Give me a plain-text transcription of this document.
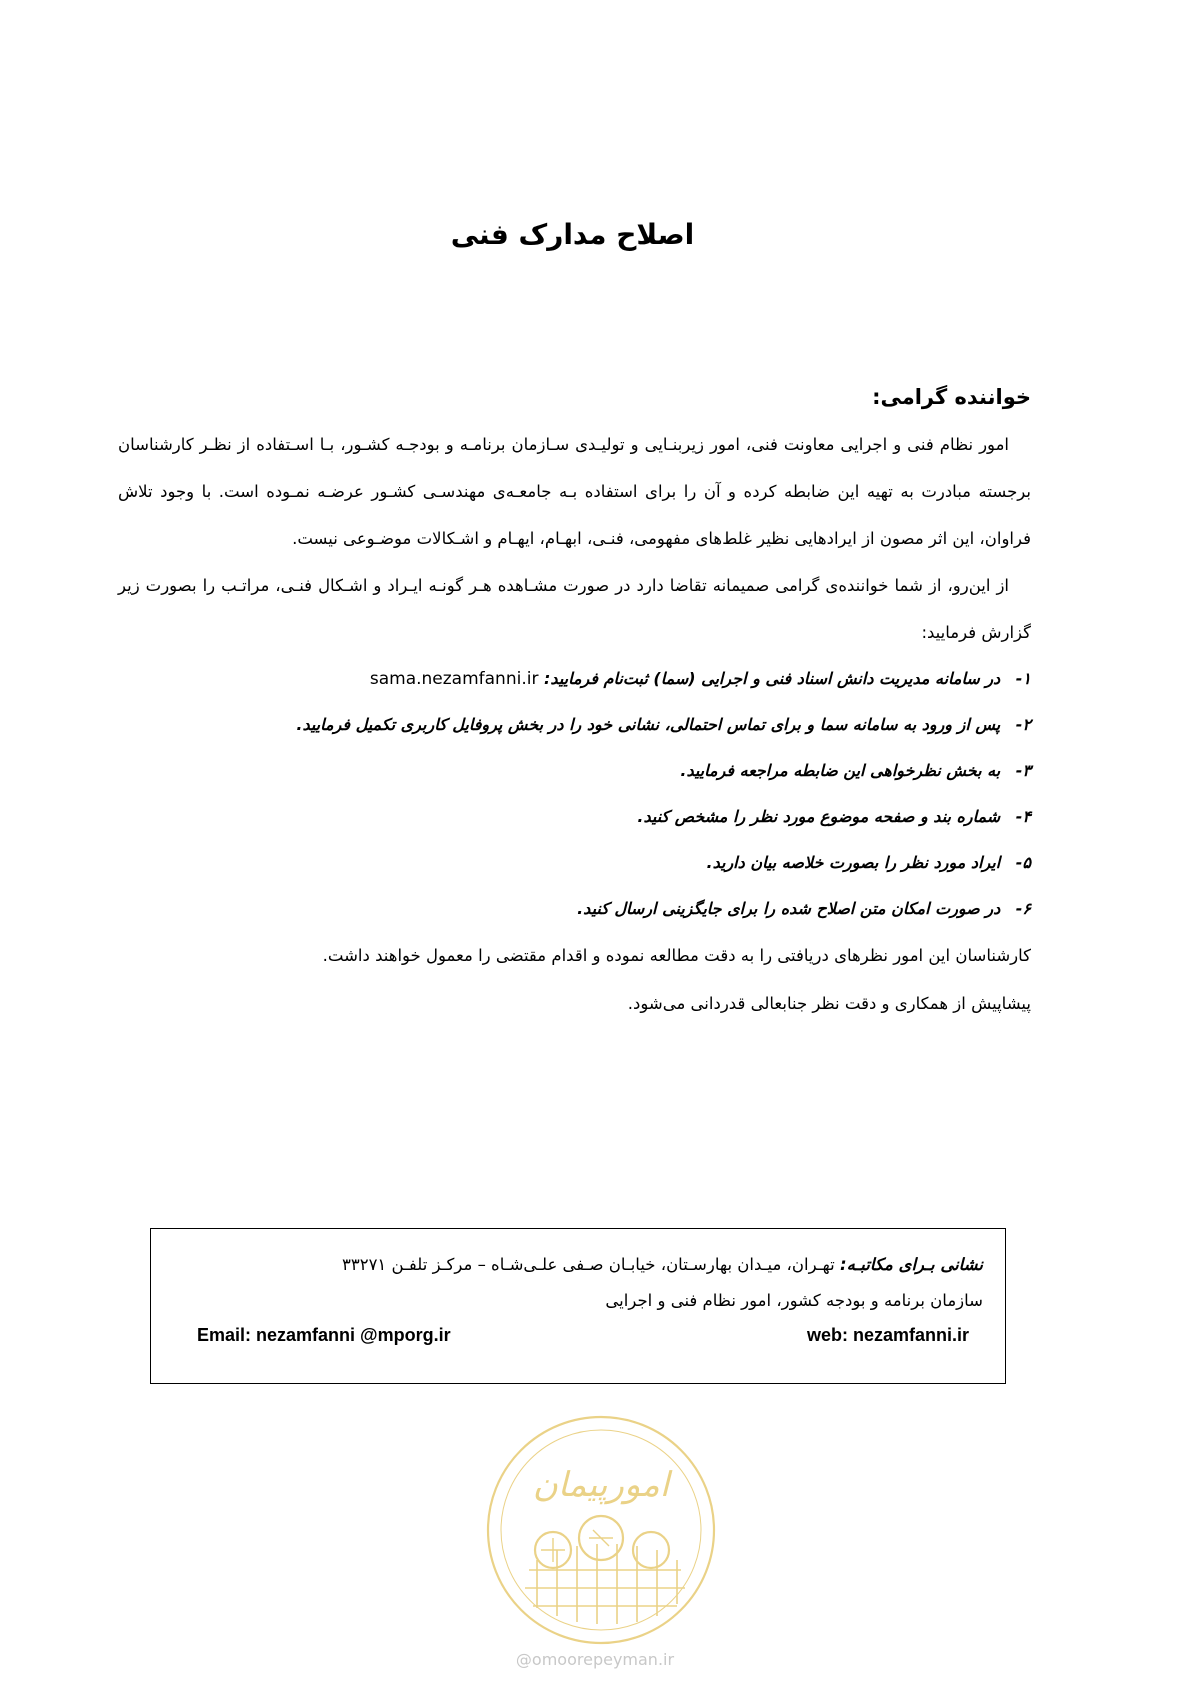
اصلاح مدارک فنی

خواننده گرامی:

امور نظام فنی و اجرایی معاونت فنی، امور زیربنـایی و تولیـدی سـازمان برنامـه و بودجـه کشـور، بـا اسـتفاده از نظـر کارشناسان برجسته مبادرت به تهیه این ضابطه کرده و آن را برای استفاده بـه جامعـه‌ی مهندسـی کشـور عرضـه نمـوده است. با وجود تلاش فراوان، این اثر مصون از ایرادهایی نظیر غلط‌های مفهومی، فنـی، ابهـام، ایهـام و اشـکالات موضـوعی نیست.

از این‌رو، از شما خواننده‌ی گرامی صمیمانه تقاضا دارد در صورت مشـاهده هـر گونـه ایـراد و اشـکال فنـی، مراتـب را بصورت زیر گزارش فرمایید:

۱- در سامانه مدیریت دانش اسناد فنی و اجرایی (سما) ثبت‌نام فرمایید: sama.nezamfanni.ir
۲- پس از ورود به سامانه سما و برای تماس احتمالی، نشانی خود را در بخش پروفایل کاربری تکمیل فرمایید.
۳- به بخش نظرخواهی این ضابطه مراجعه فرمایید.
۴- شماره بند و صفحه موضوع مورد نظر را مشخص کنید.
۵- ایراد مورد نظر را بصورت خلاصه بیان دارید.
۶- در صورت امکان متن اصلاح شده را برای جایگزینی ارسال کنید.

کارشناسان این امور نظرهای دریافتی را به دقت مطالعه نموده و اقدام مقتضی را معمول خواهند داشت.

پیشاپیش از همکاری و دقت نظر جنابعالی قدردانی می‌شود.

نشانی بـرای مکاتبـه: تهـران، میـدان بهارسـتان، خیابـان صـفی علـی‌شـاه – مرکـز تلفـن ۳۳۲۷۱
سازمان برنامه و بودجه کشور، امور نظام فنی و اجرایی
Email: nezamfanni @mporg.ir	web: nezamfanni.ir
امورپیمان
@omoorepeyman.ir
